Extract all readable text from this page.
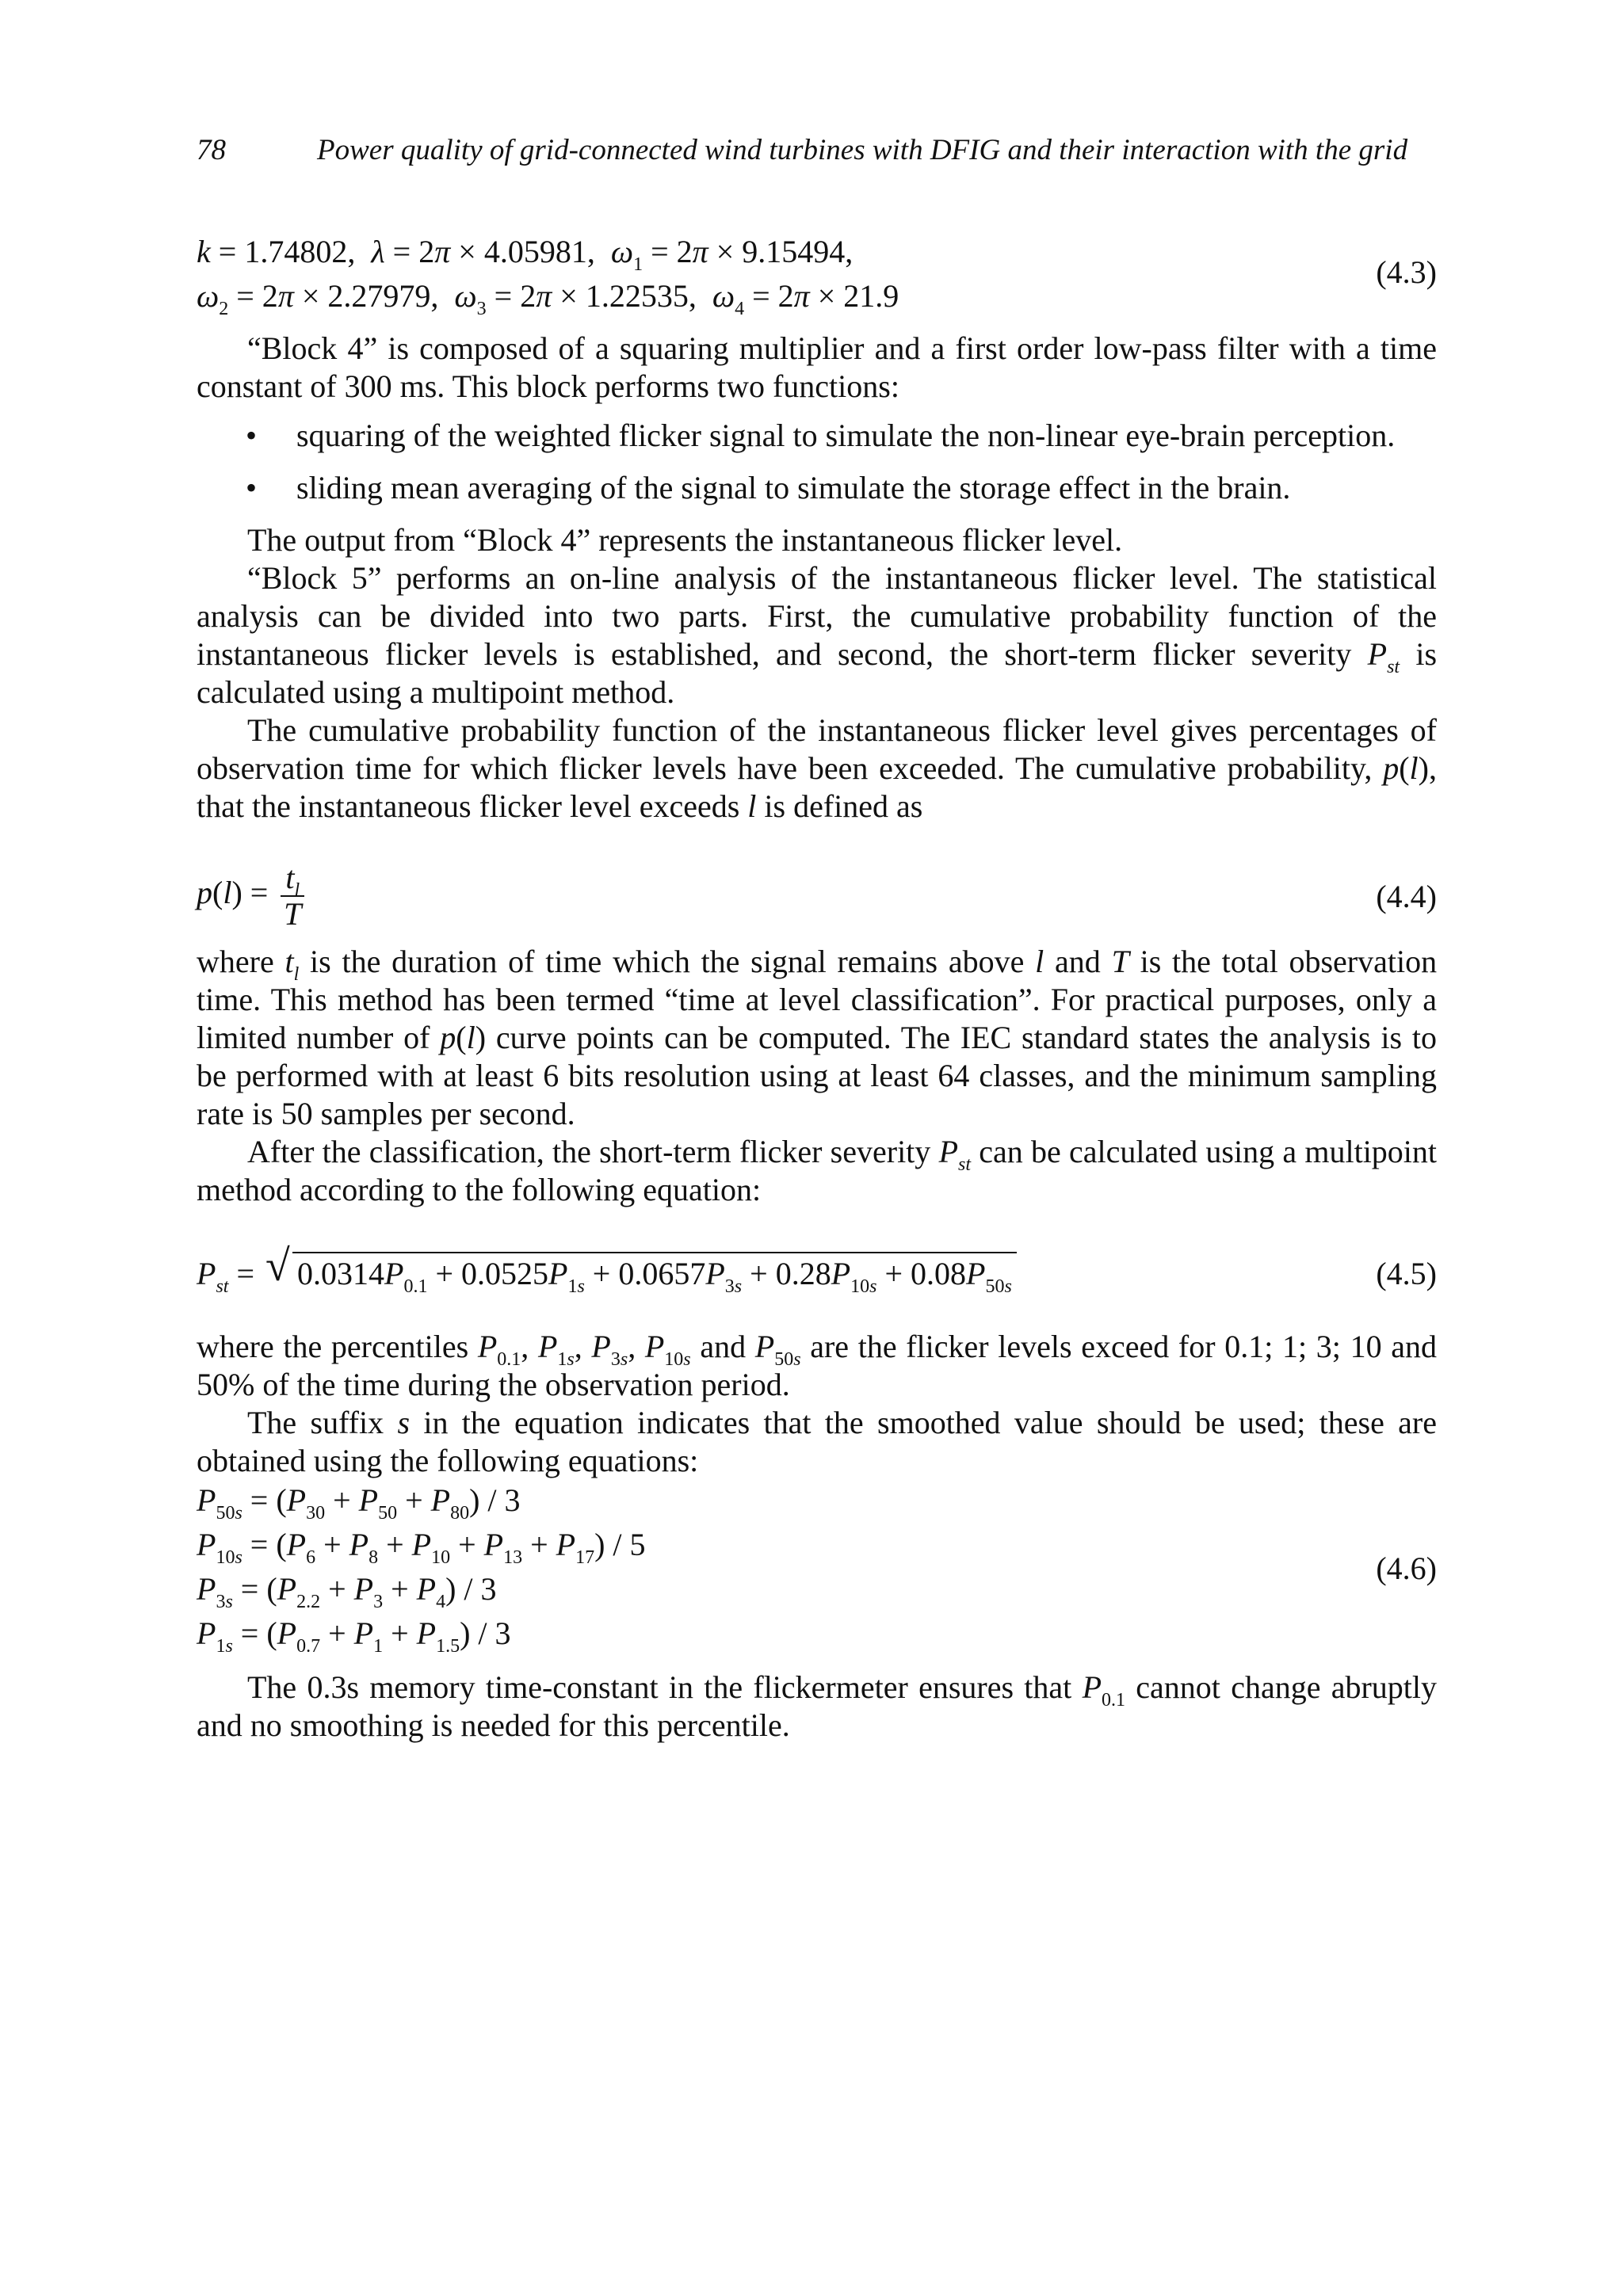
78	Power quality of grid-connected wind turbines with DFIG and their interaction with the grid
k = 1.74802,  λ = 2π × 4.05981,  $\omega_1 = 2\pi \times 9.15494$,
$\omega_2 = 2\pi \times 2.27979$,  $\omega_3 = 2\pi \times 1.22535$,  $\omega_4 = 2\pi \times 21.9$
(4.3)

“Block 4” is composed of a squaring multiplier and a first order low-pass filter with a time constant of 300 ms. This block performs two functions:

• squaring of the weighted flicker signal to simulate the non-linear eye-brain perception.
• sliding mean averaging of the signal to simulate the storage effect in the brain.

The output from “Block 4” represents the instantaneous flicker level.

“Block 5” performs an on-line analysis of the instantaneous flicker level. The statistical analysis can be divided into two parts. First, the cumulative probability function of the instantaneous flicker levels is established, and second, the short-term flicker severity $P_{st}$ is calculated using a multipoint method.

The cumulative probability function of the instantaneous flicker level gives percentages of observation time for which flicker levels have been exceeded. The cumulative probability, p(l), that the instantaneous flicker level exceeds l is defined as

$p(l) = \frac{t_l}{T}$	(4.4)

where $t_l$ is the duration of time which the signal remains above l and T is the total observation time. This method has been termed “time at level classification”. For practical purposes, only a limited number of p(l) curve points can be computed. The IEC standard states the analysis is to be performed with at least 6 bits resolution using at least 64 classes, and the minimum sampling rate is 50 samples per second.

After the classification, the short-term flicker severity $P_{st}$ can be calculated using a multipoint method according to the following equation:

$P_{st}$ = √ $0.0314P_{0.1} + 0.0525P_{1s} + 0.0657P_{3s} + 0.28P_{10s} + 0.08P_{50s}$	(4.5)

where the percentiles $P_{0.1}$, $P_{1s}$, $P_{3s}$, $P_{10s}$ and $P_{50s}$ are the flicker levels exceed for 0.1; 1; 3; 10 and 50% of the time during the observation period.

The suffix s in the equation indicates that the smoothed value should be used; these are obtained using the following equations:

$P_{50s} = (P_{30} + P_{50} + P_{80}) / 3$
$P_{10s} = (P_6 + P_8 + P_{10} + P_{13} + P_{17}) / 5$
$P_{3s} = (P_{2.2} + P_3 + P_4) / 3$
$P_{1s} = (P_{0.7} + P_1 + P_{1.5}) / 3$
(4.6)

The 0.3s memory time-constant in the flickermeter ensures that $P_{0.1}$ cannot change abruptly and no smoothing is needed for this percentile.
